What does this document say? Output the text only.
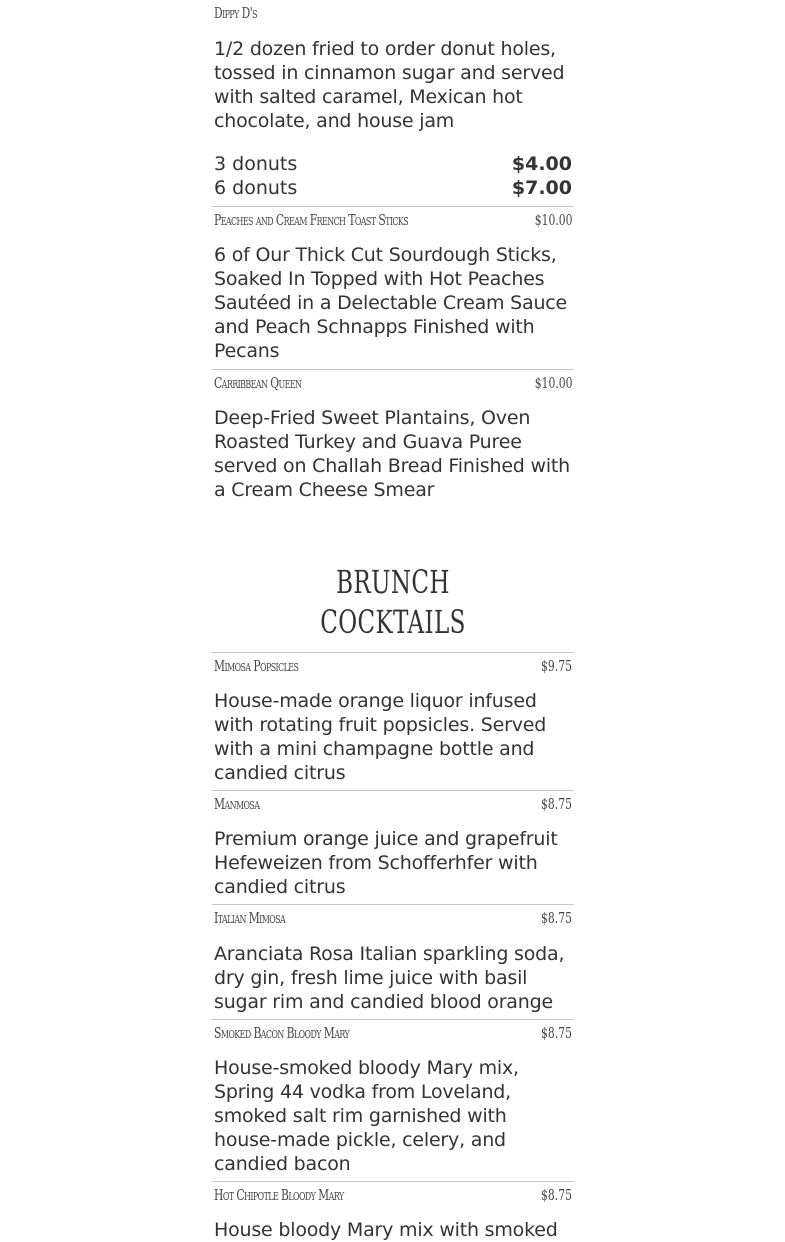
Dippy D's

1/2 dozen fried to order donut holes, tossed in cinnamon sugar and served with salted caramel, Mexican hot chocolate, and house jam

3 donuts	$4.00
6 donuts	$7.00
Peaches and Cream French Toast Sticks	$10.00

6 of Our Thick Cut Sourdough Sticks, Soaked In Topped with Hot Peaches Sautéed in a Delectable Cream Sauce and Peach Schnapps Finished with Pecans

Carribbean Queen	$10.00

Deep-Fried Sweet Plantains, Oven Roasted Turkey and Guava Puree served on Challah Bread Finished with a Cream Cheese Smear

BRUNCH COCKTAILS
Mimosa Popsicles	$9.75

House-made orange liquor infused with rotating fruit popsicles. Served with a mini champagne bottle and candied citrus

Manmosa	$8.75

Premium orange juice and grapefruit Hefeweizen from Schofferhfer with candied citrus

Italian Mimosa	$8.75

Aranciata Rosa Italian sparkling soda, dry gin, fresh lime juice with basil sugar rim and candied blood orange

Smoked Bacon Bloody Mary	$8.75

House-smoked bloody Mary mix, Spring 44 vodka from Loveland, smoked salt rim garnished with house-made pickle, celery, and candied bacon

Hot Chipotle Bloody Mary	$8.75

House bloody Mary mix with smoked
